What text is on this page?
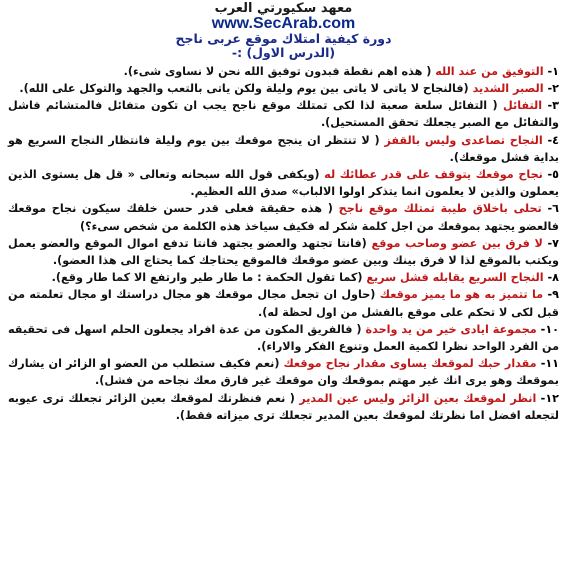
معهد سكيورتي العرب
www.SecArab.com
دورة كيفية امتلاك موقع عربى ناجح
(الدرس الاول) :-

١- التوفيق من عند الله ( هذه اهم نقطة فبدون توفيق الله نحن لا نساوى شىء).

٢- الصبر الشديد (فالنجاح لا ياتى لا ياتى بين يوم وليلة ولكن ياتى بالتعب والجهد والتوكل على الله).

٣- التفائل ( التفائل سلعة صعبة لذا لكى تمتلك موقع ناجح يجب ان تكون متفائل فالمتشائم فاشل والتفائل مع الصبر يجعلك تحقق المستحيل).

٤- النجاح تصاعدى وليس بالقفز ( لا تنتظر ان ينجح موقعك بين يوم وليلة فانتظار النجاح السريع هو بداية فشل موقعك).

٥- نجاح موقعك يتوقف على قدر عطائك له (ويكفى قول الله سبحانه وتعالى « قل هل يستوى الذين يعملون والذين لا يعلمون انما يتذكر اولوا الالباب» صدق الله العظيم.

٦- تحلى باخلاق طيبة تمتلك موقع ناجح ( هذه حقيقة فعلى قدر حسن خلقك سيكون نجاح موقعك فالعضو يجتهد بموقعك من اجل كلمة شكر له فكيف سياخذ هذه الكلمة من شخص سىء؟)

٧- لا فرق بين عضو وصاحب موقع (فانتا تجتهد والعضو يجتهد فانتا تدفع اموال الموقع والعضو يعمل ويكتب بالموقع لذا لا فرق بينك وبين عضو موقعك فالموقع يحتاجك كما يحتاج الى هذا العضو).

٨- النجاح السريع يقابله فشل سريع (كما تقول الحكمة : ما طار طير وارتفع الا كما طار وقع).

٩- ما تتميز به هو ما يميز موقعك (حاول ان تجعل مجال موقعك هو مجال دراستك او مجال تعلمته من قبل لكى لا تحكم على موقع بالفشل من اول لحظة له).

١٠- مجموعة ايادى خير من يد واحدة ( فالفريق المكون من عدة افراد يجعلون الحلم اسهل فى تحقيقه من الفرد الواحد نظرا لكمية العمل وتنوع الفكر والاراء).

١١- مقدار حبك لموقعك يساوى مقدار نجاح موقعك (نعم فكيف ستطلب من العضو او الزائر ان يشارك بموقعك وهو يرى انك غير مهتم بموقعك وان موقعك غير فارق معك نجاحه من فشل).

١٢- انظر لموقعك بعين الزائر وليس عين المدير ( نعم فنظرتك لموقعك بعين الزائر تجعلك ترى عيوبه لتجعله افضل اما نظرتك لموقعك بعين المدير تجعلك ترى ميزاته فقط).
